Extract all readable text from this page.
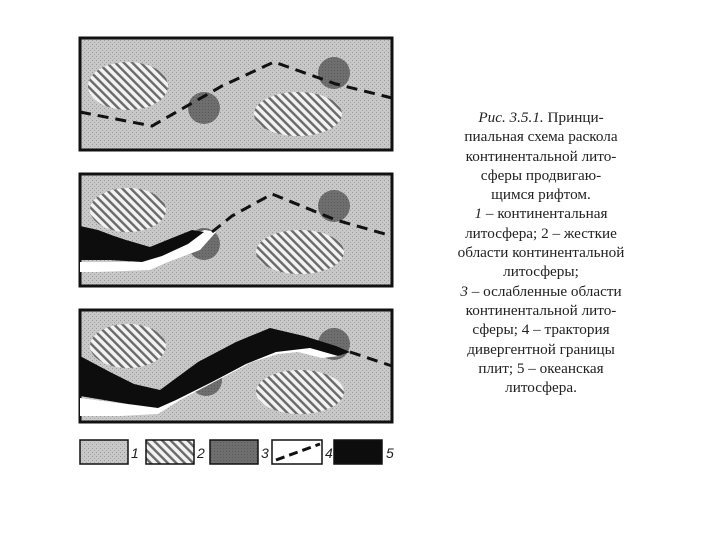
1	2	3	4	5
Рис. 3.5.1. Принци-
пиальная схема раскола
континентальной лито-
сферы продвигаю-
щимся рифтом.
1 – континентальная
литосфера; 2 – жесткие
области континентальной
литосферы;
3 – ослабленные области
континентальной лито-
сферы; 4 – трактория
дивергентной границы
плит; 5 – океанская
литосфера.
